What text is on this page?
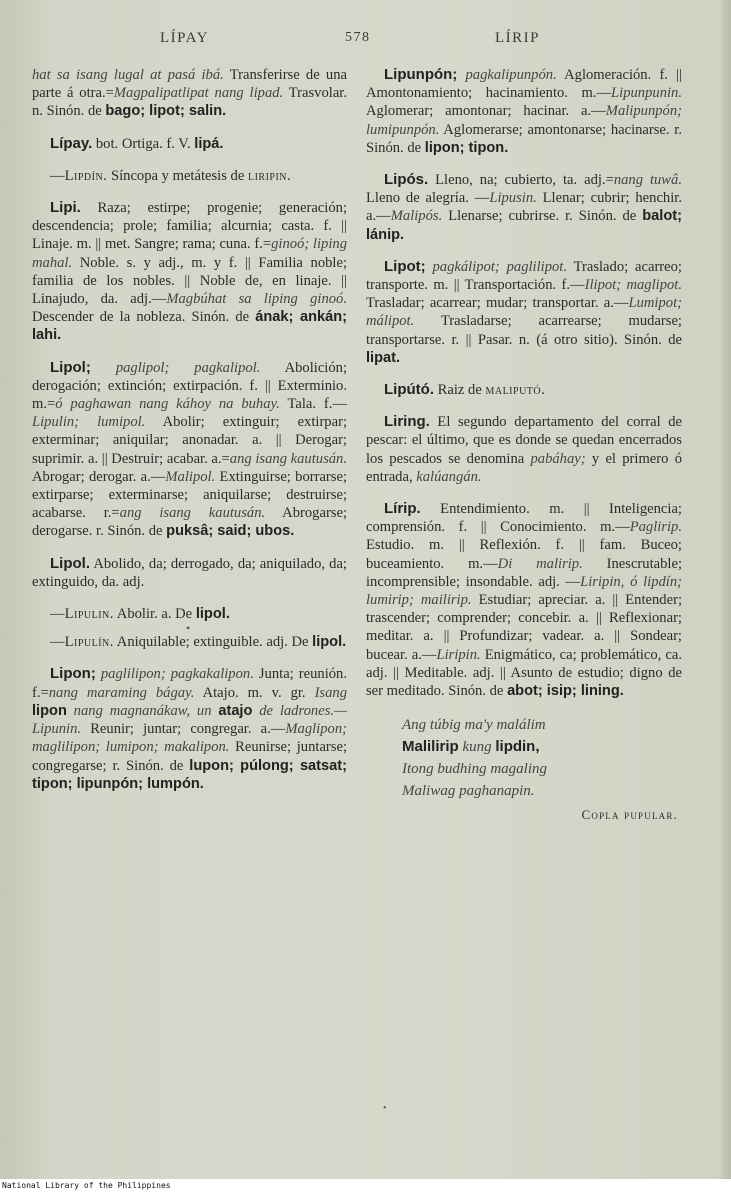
LÍPAY	578	LÍRIP

hat sa isang lugal at pasá ibá. Transferirse de una parte á otra.=Magpalipatlipat nang lipad. Trasvolar. n. Sinón. de bago; lipot; salin.

Lípay. bot. Ortiga. f. V. lipá.

—Lipdín. Síncopa y metátesis de liripin.

Lipi. Raza; estirpe; progenie; generación; descendencia; prole; familia; alcurnia; casta. f. || Linaje. m. || met. Sangre; rama; cuna. f.=ginoó; liping mahal. Noble. s. y adj., m. y f. || Familia noble; familia de los nobles. || Noble de, en linaje. || Linajudo, da. adj.—Magbúhat sa liping ginoó. Descender de la nobleza. Sinón. de ának; ankán; lahi.

Lipol; paglipol; pagkalipol. Abolición; derogación; extinción; extirpación. f. || Exterminio. m.=ó paghawan nang káhoy na buhay. Tala. f.—Lipulin; lumipol. Abolir; extinguir; extirpar; exterminar; aniquilar; anonadar. a. || Derogar; suprimir. a. || Destruir; acabar. a.=ang isang kautusán. Abrogar; derogar. a.—Malipol. Extinguirse; borrarse; extirparse; exterminarse; aniquilarse; destruirse; acabarse. r.=ang isang kautusán. Abrogarse; derogarse. r. Sinón. de puksâ; said; ubos.

Lipol. Abolido, da; derrogado, da; aniquilado, da; extinguido, da. adj.

—Lipulin. Abolir. a. De lipol.

•

—Lipulín. Aniquilable; extinguible. adj. De lipol.

Lipon; paglilipon; pagkakalipon. Junta; reunión. f.=nang maraming bágay. Atajo. m. v. gr. Isang lipon nang magnanákaw, un atajo de ladrones.— Lipunin. Reunir; juntar; congregar. a.—Maglipon; maglilipon; lumipon; makalipon. Reunirse; juntarse; congregarse; r. Sinón. de lupon; púlong; satsat; tipon; lipunpón; lumpón.

Lipunpón; pagkalipunpón. Aglomeración. f. || Amontonamiento; hacinamiento. m.—Lipunpunin. Aglomerar; amontonar; hacinar. a.—Malipunpón; lumipunpón. Aglomerarse; amontonarse; hacinarse. r. Sinón. de lipon; tipon.

Lipós. Lleno, na; cubierto, ta. adj.=nang tuwâ. Lleno de alegría. —Lipusin. Llenar; cubrir; henchir. a.—Malipós. Llenarse; cubrirse. r. Sinón. de balot; lánip.

Lipot; pagkálipot; paglilipot. Traslado; acarreo; transporte. m. || Transportación. f.—Ilipot; maglipot. Trasladar; acarrear; mudar; transportar. a.—Lumipot; málipot. Trasladarse; acarrearse; mudarse; transportarse. r. || Pasar. n. (á otro sitio). Sinón. de lipat.

Lipútó. Raiz de maliputó.

Liring. El segundo departamento del corral de pescar: el último, que es donde se quedan encerrados los pescados se denomina pabáhay; y el primero ó entrada, kalúangán.

Lírip. Entendimiento. m. || Inteligencia; comprensión. f. || Conocimiento. m.—Paglirip. Estudio. m. || Reflexión. f. || fam. Buceo; buceamiento. m.—Di malirip. Inescrutable; incomprensible; insondable. adj. —Liripin, ó lipdín; lumirip; mailirip. Estudiar; apreciar. a. || Entender; trascender; comprender; concebir. a. || Reflexionar; meditar. a. || Profundizar; vadear. a. || Sondear; bucear. a.—Liripin. Enigmático, ca; problemático, ca. adj. || Meditable. adj. || Asunto de estudio; digno de ser meditado. Sinón. de abot; isip; lining.

Ang túbig ma'y malálim
Malilirip kung lipdin,
Itong budhing magaling
Maliwag paghanapin.
Copla pupular.
•
National Library of the Philippines
